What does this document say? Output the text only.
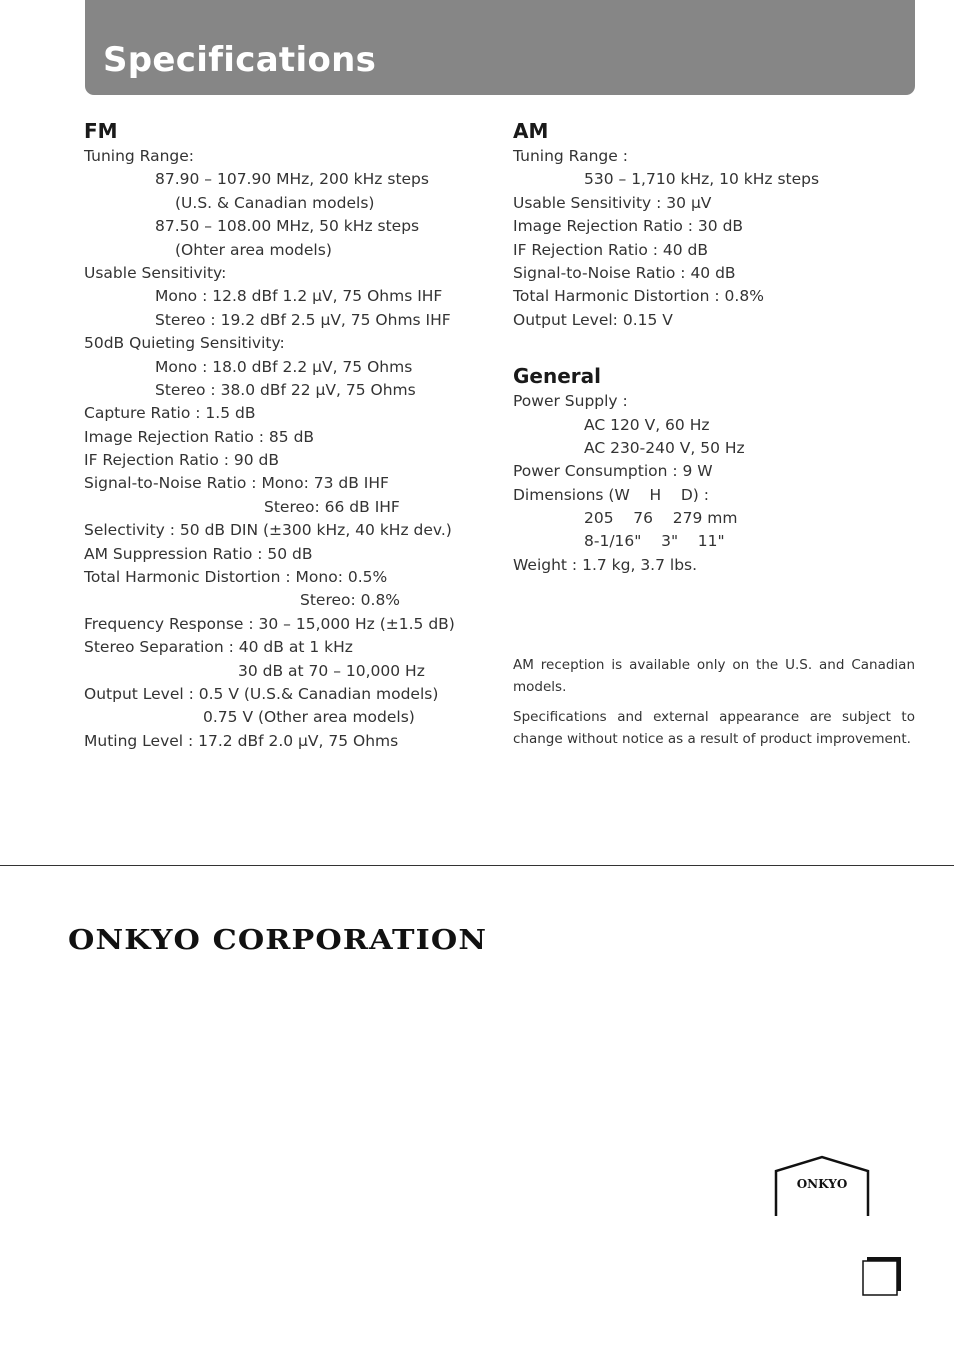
Specifications
FM
Tuning Range:
87.90 – 107.90 MHz, 200 kHz steps
(U.S. & Canadian models)
87.50 – 108.00 MHz, 50 kHz steps
(Ohter area models)
Usable Sensitivity:
Mono : 12.8 dBf 1.2 μV, 75 Ohms IHF
Stereo : 19.2 dBf 2.5 μV, 75 Ohms IHF
50dB Quieting Sensitivity:
Mono : 18.0 dBf 2.2 μV, 75 Ohms
Stereo : 38.0 dBf 22 μV, 75 Ohms
Capture Ratio : 1.5 dB
Image Rejection Ratio : 85 dB
IF Rejection Ratio : 90 dB
Signal-to-Noise Ratio : Mono: 73 dB IHF
Stereo: 66 dB IHF
Selectivity : 50 dB DIN (±300 kHz, 40 kHz dev.)
AM Suppression Ratio : 50 dB
Total Harmonic Distortion : Mono: 0.5%
Stereo: 0.8%
Frequency Response : 30 – 15,000 Hz (±1.5 dB)
Stereo Separation : 40 dB at 1 kHz
30 dB at 70 – 10,000 Hz
Output Level : 0.5 V (U.S.& Canadian models)
0.75 V (Other area models)
Muting Level : 17.2 dBf 2.0 μV, 75 Ohms
AM
Tuning Range :
530 – 1,710 kHz, 10 kHz steps
Usable Sensitivity : 30 μV
Image Rejection Ratio : 30 dB
IF Rejection Ratio : 40 dB
Signal-to-Noise Ratio : 40 dB
Total Harmonic Distortion : 0.8%
Output Level: 0.15 V
General
Power Supply :
AC 120 V, 60 Hz
AC 230-240 V, 50 Hz
Power Consumption : 9 W
Dimensions (W    H    D) :
205    76    279 mm
8-1/16"    3"    11"
Weight : 1.7 kg, 3.7 lbs.

AM reception is available only on the U.S. and Canadian models.

Specifications and external appearance are subject to change without notice as a result of product improvement.

ONKYO CORPORATION
ONKYO
